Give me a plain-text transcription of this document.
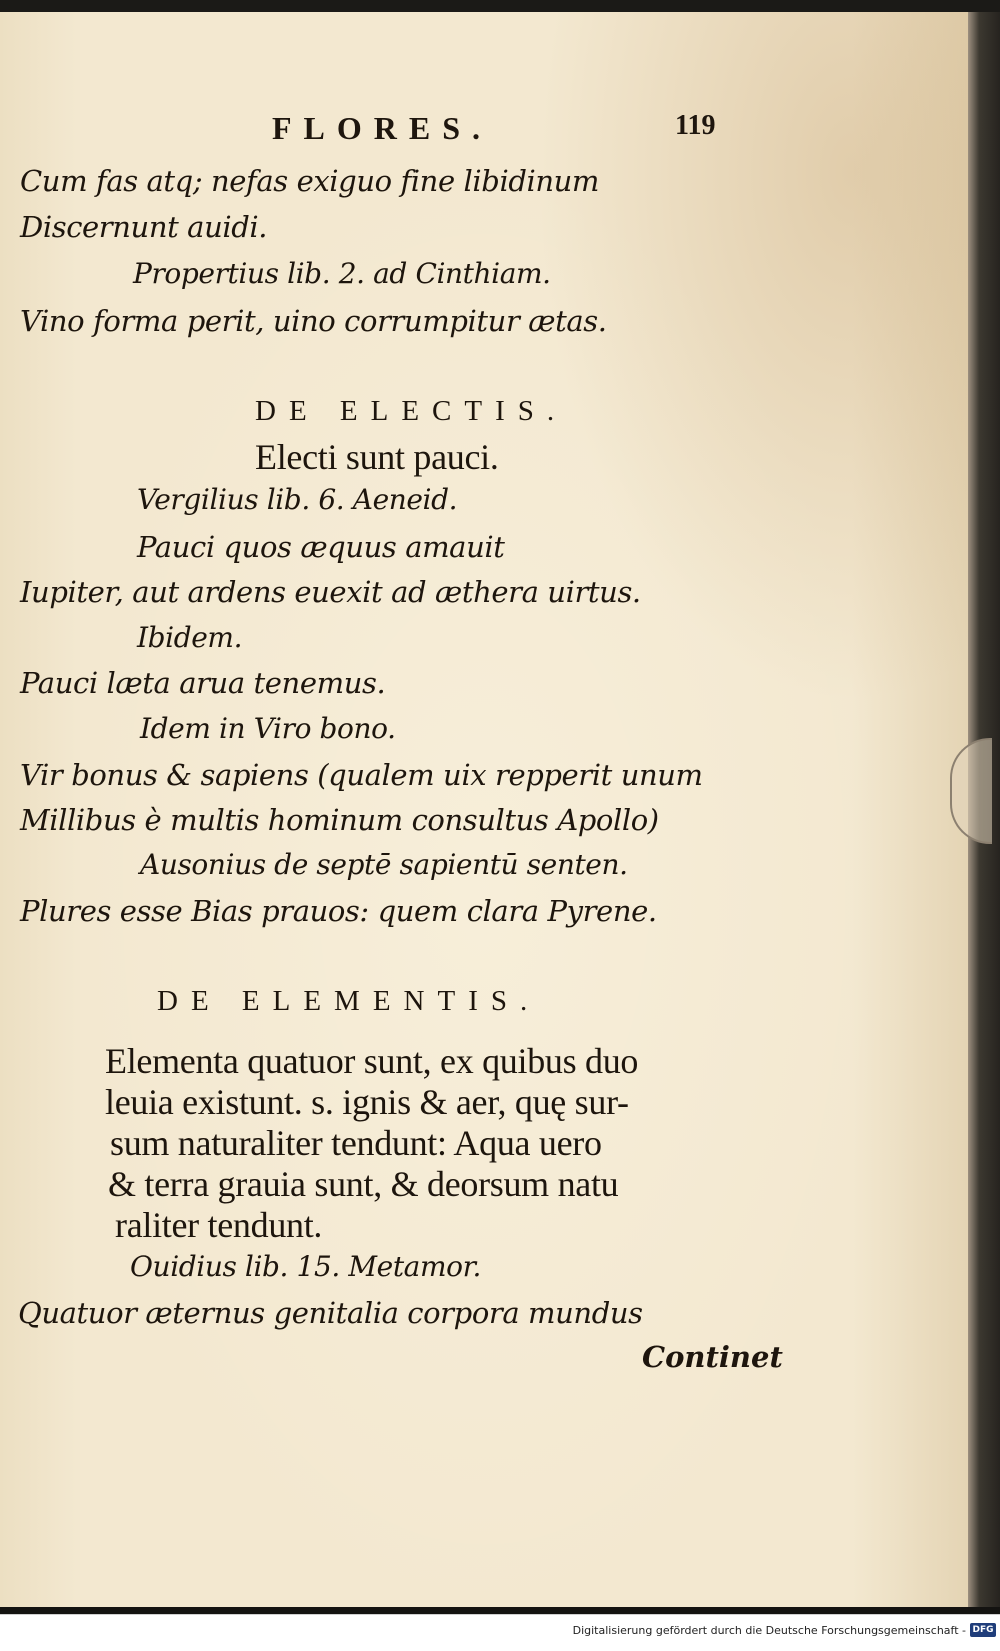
FLORES.	119
Cum fas atq; nefas exiguo fine libidinum
Discernunt auidi.
Propertius lib. 2. ad Cinthiam.
Vino forma perit, uino corrumpitur ætas.
DE ELECTIS.
Electi sunt pauci.
Vergilius lib. 6. Aeneid.
Pauci quos æquus amauit
Iupiter, aut ardens euexit ad æthera uirtus.
Ibidem.
Pauci læta arua tenemus.
Idem in Viro bono.
Vir bonus & sapiens (qualem uix repperit unum
Millibus è multis hominum consultus Apollo)
Ausonius de septē sapientū senten.
Plures esse Bias prauos: quem clara Pyrene.
DE ELEMENTIS.
Elementa quatuor sunt, ex quibus duo
leuia existunt. s. ignis & aer, quę sur-
sum naturaliter tendunt: Aqua uero
& terra grauia sunt, & deorsum natu
raliter tendunt.
Ouidius lib. 15. Metamor.
Quatuor æternus genitalia corpora mundus
Continet
Digitalisierung gefördert durch die Deutsche Forschungsgemeinschaft - DFG
